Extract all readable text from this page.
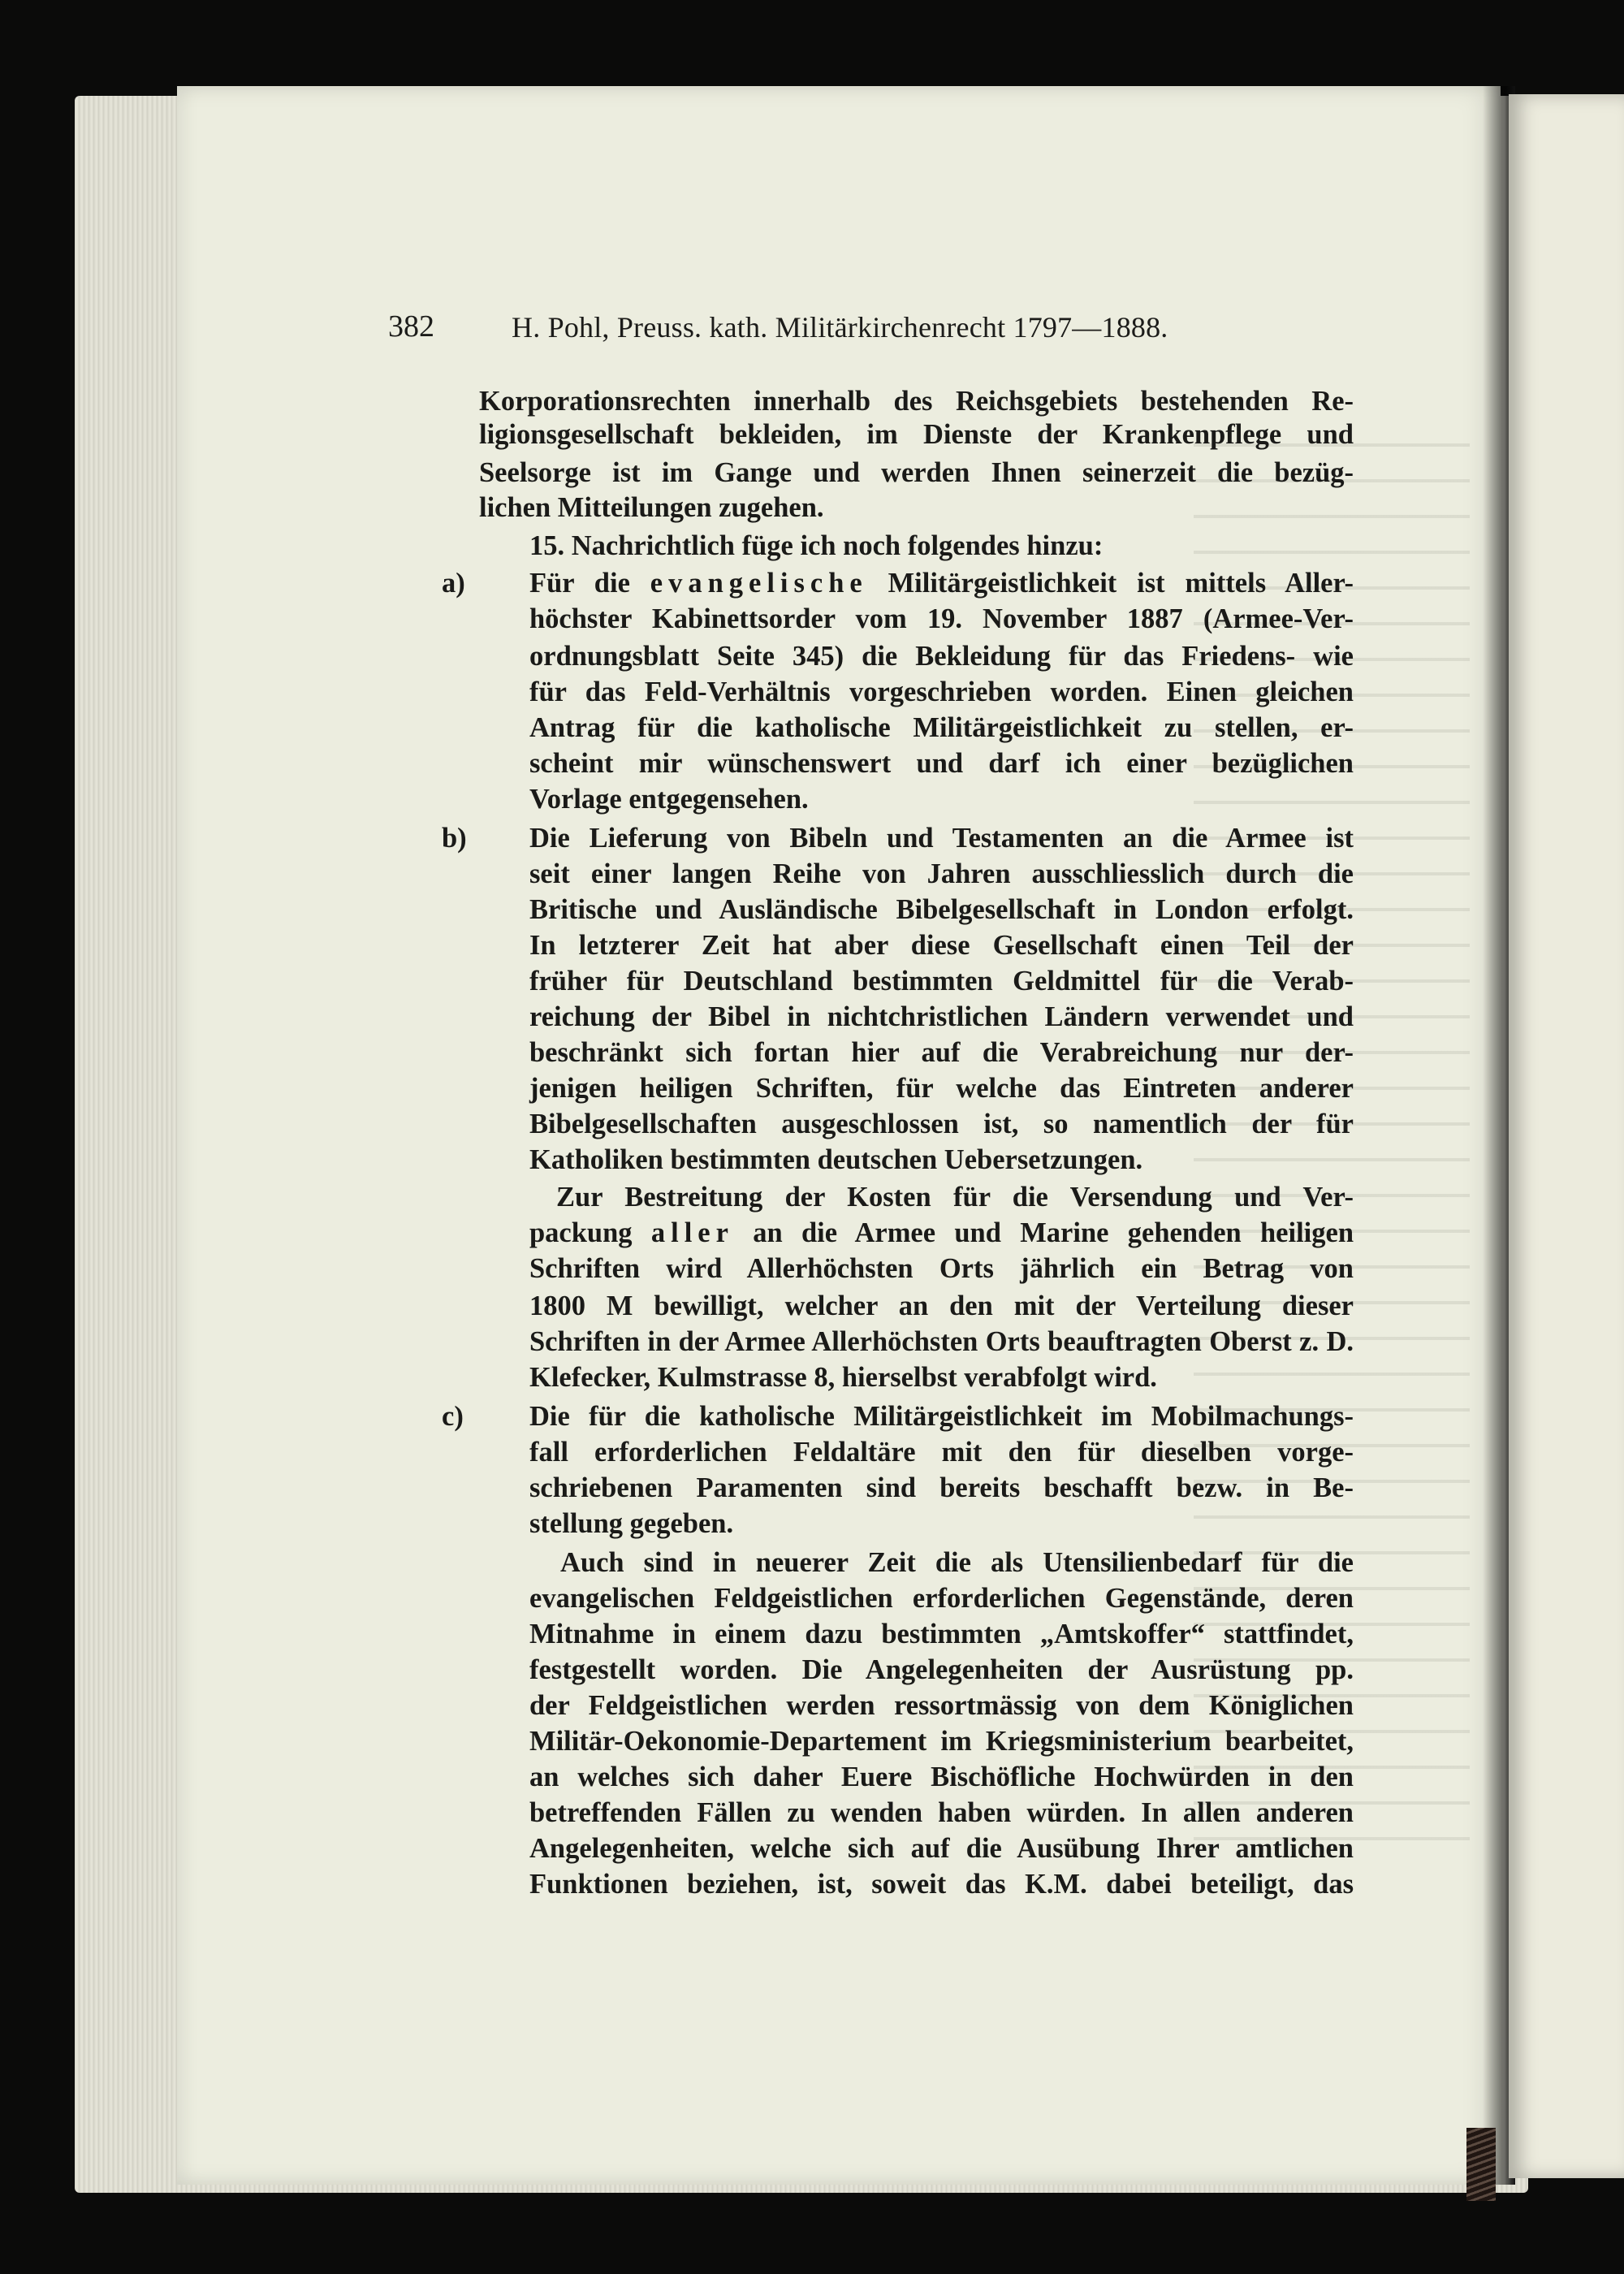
382	H. Pohl, Preuss. kath. Militärkirchenrecht 1797—1888.
Korporationsrechten innerhalb des Reichsgebiets bestehenden Re-
ligionsgesellschaft bekleiden, im Dienste der Krankenpflege und
Seelsorge ist im Gange und werden Ihnen seinerzeit die bezüg-
lichen Mitteilungen zugehen.
15. Nachrichtlich füge ich noch folgendes hinzu:
a) Für die evangelische Militärgeistlichkeit ist mittels Aller-
höchster Kabinettsorder vom 19. November 1887 (Armee-Ver-
ordnungsblatt Seite 345) die Bekleidung für das Friedens- wie
für das Feld-Verhältnis vorgeschrieben worden. Einen gleichen
Antrag für die katholische Militärgeistlichkeit zu stellen, er-
scheint mir wünschenswert und darf ich einer bezüglichen
Vorlage entgegensehen.
b) Die Lieferung von Bibeln und Testamenten an die Armee ist
seit einer langen Reihe von Jahren ausschliesslich durch die
Britische und Ausländische Bibelgesellschaft in London erfolgt.
In letzterer Zeit hat aber diese Gesellschaft einen Teil der
früher für Deutschland bestimmten Geldmittel für die Verab-
reichung der Bibel in nichtchristlichen Ländern verwendet und
beschränkt sich fortan hier auf die Verabreichung nur der-
jenigen heiligen Schriften, für welche das Eintreten anderer
Bibelgesellschaften ausgeschlossen ist, so namentlich der für
Katholiken bestimmten deutschen Uebersetzungen.
Zur Bestreitung der Kosten für die Versendung und Ver-
packung aller an die Armee und Marine gehenden heiligen
Schriften wird Allerhöchsten Orts jährlich ein Betrag von
1800 M bewilligt, welcher an den mit der Verteilung dieser
Schriften in der Armee Allerhöchsten Orts beauftragten Oberst z. D.
Klefecker, Kulmstrasse 8, hierselbst verabfolgt wird.
c) Die für die katholische Militärgeistlichkeit im Mobilmachungs-
fall erforderlichen Feldaltäre mit den für dieselben vorge-
schriebenen Paramenten sind bereits beschafft bezw. in Be-
stellung gegeben.
Auch sind in neuerer Zeit die als Utensilienbedarf für die
evangelischen Feldgeistlichen erforderlichen Gegenstände, deren
Mitnahme in einem dazu bestimmten „Amtskoffer“ stattfindet,
festgestellt worden. Die Angelegenheiten der Ausrüstung pp.
der Feldgeistlichen werden ressortmässig von dem Königlichen
Militär-Oekonomie-Departement im Kriegsministerium bearbeitet,
an welches sich daher Euere Bischöfliche Hochwürden in den
betreffenden Fällen zu wenden haben würden. In allen anderen
Angelegenheiten, welche sich auf die Ausübung Ihrer amtlichen
Funktionen beziehen, ist, soweit das K.M. dabei beteiligt, das
